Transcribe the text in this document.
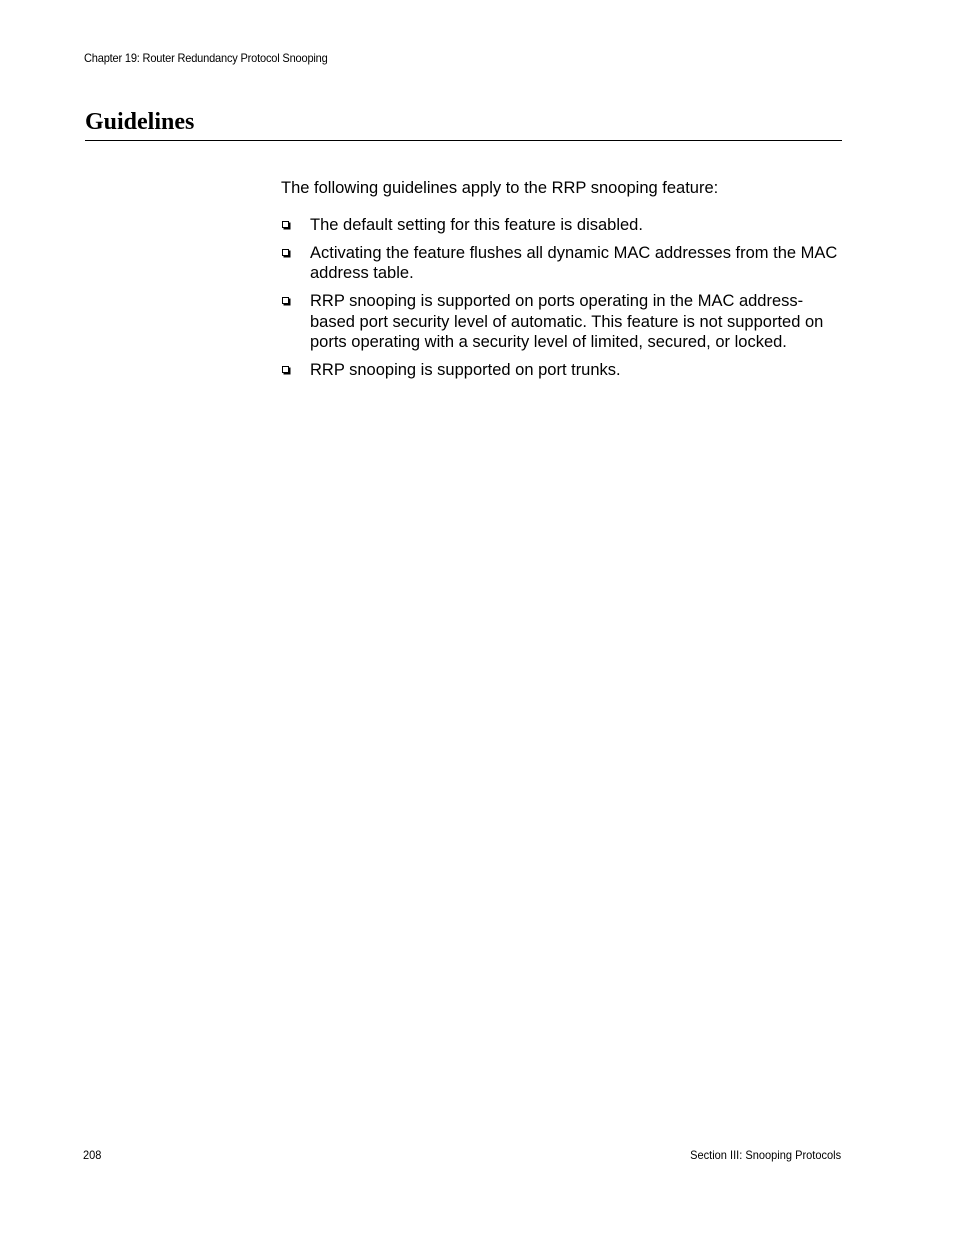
Chapter 19: Router Redundancy Protocol Snooping
Guidelines

The following guidelines apply to the RRP snooping feature:

The default setting for this feature is disabled.
Activating the feature flushes all dynamic MAC addresses from the MAC address table.
RRP snooping is supported on ports operating in the MAC address-based port security level of automatic. This feature is not supported on ports operating with a security level of limited, secured, or locked.
RRP snooping is supported on port trunks.
208	Section III: Snooping Protocols
